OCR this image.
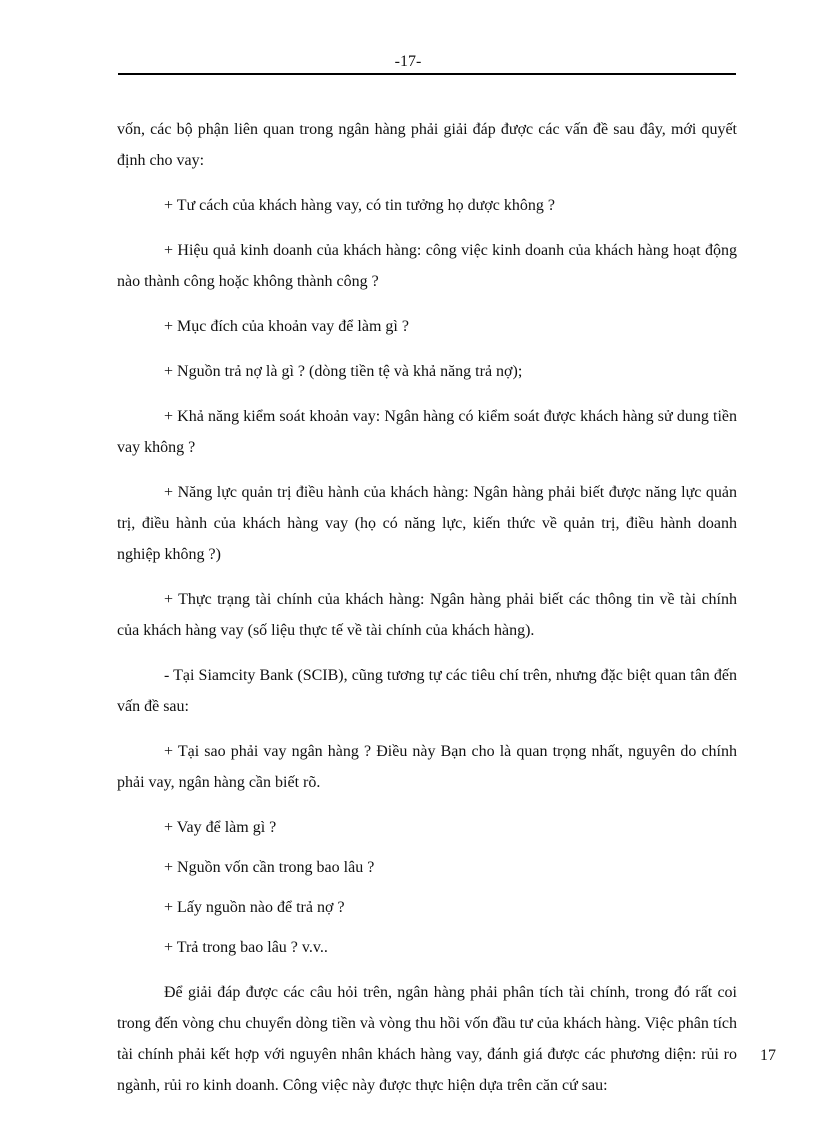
-17-

vốn, các bộ phận liên quan trong ngân hàng phải giải đáp được các vấn đề sau đây, mới quyết định cho vay:

+ Tư cách của khách hàng vay, có tin tưởng họ dược không ?

+ Hiệu quả kinh doanh của khách hàng: công việc kinh doanh của khách hàng hoạt động nào thành công hoặc không thành công ?

+ Mục đích của khoản vay để làm gì ?

+ Nguồn trả nợ là gì ? (dòng tiền tệ và khả năng trả nợ);

+ Khả năng kiểm soát khoản vay: Ngân hàng có kiểm soát được khách hàng sử dung tiền vay không ?

+ Năng lực quản trị điều hành của khách hàng: Ngân hàng phải biết được năng lực quản trị, điều hành của khách hàng vay (họ có năng lực, kiến thức về quản trị, điều hành doanh nghiệp không ?)

+ Thực trạng tài chính của khách hàng: Ngân hàng phải biết các thông tin về tài chính của khách hàng vay (số liệu thực tế về tài chính của khách hàng).

- Tại Siamcity Bank (SCIB), cũng tương tự các tiêu chí trên, nhưng đặc biệt quan tân đến vấn đề sau:

+ Tại sao phải vay ngân hàng ? Điều này Bạn cho là quan trọng nhất, nguyên do chính phải vay, ngân hàng cần biết rõ.

+ Vay để làm gì ?

+ Nguồn vốn cần trong bao lâu ?

+ Lấy nguồn nào để trả nợ ?

+ Trả trong bao lâu ? v.v..

Để giải đáp được các câu hỏi trên, ngân hàng phải phân tích tài chính, trong đó rất coi trong đến vòng chu chuyển dòng tiền và vòng thu hồi vốn đầu tư của khách hàng. Việc phân tích tài chính phải kết hợp với nguyên nhân khách hàng vay, đánh giá được các phương diện: rủi ro ngành, rủi ro kinh doanh. Công việc này được thực hiện dựa trên căn cứ sau:

17
